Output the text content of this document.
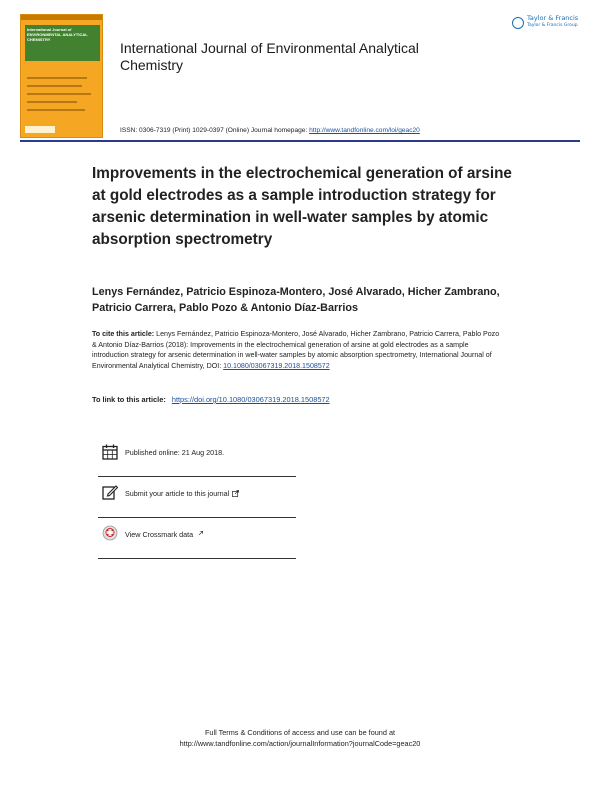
International Journal of ENVIRONMENTAL ANALYTICAL CHEMISTRY
International Journal of Environmental Analytical Chemistry
Taylor & Francis
Taylor & Francis Group
ISSN: 0306-7319 (Print) 1029-0397 (Online) Journal homepage: http://www.tandfonline.com/loi/geac20
Improvements in the electrochemical generation of arsine at gold electrodes as a sample introduction strategy for arsenic determination in well-water samples by atomic absorption spectrometry
Lenys Fernández, Patricio Espinoza-Montero, José Alvarado, Hicher Zambrano, Patricio Carrera, Pablo Pozo & Antonio Díaz-Barrios
To cite this article: Lenys Fernández, Patricio Espinoza-Montero, José Alvarado, Hicher Zambrano, Patricio Carrera, Pablo Pozo & Antonio Díaz-Barrios (2018): Improvements in the electrochemical generation of arsine at gold electrodes as a sample introduction strategy for arsenic determination in well-water samples by atomic absorption spectrometry, International Journal of Environmental Analytical Chemistry, DOI: 10.1080/03067319.2018.1508572
To link to this article: https://doi.org/10.1080/03067319.2018.1508572
Published online: 21 Aug 2018.
Submit your article to this journal
View Crossmark data
Full Terms & Conditions of access and use can be found at
http://www.tandfonline.com/action/journalInformation?journalCode=geac20
